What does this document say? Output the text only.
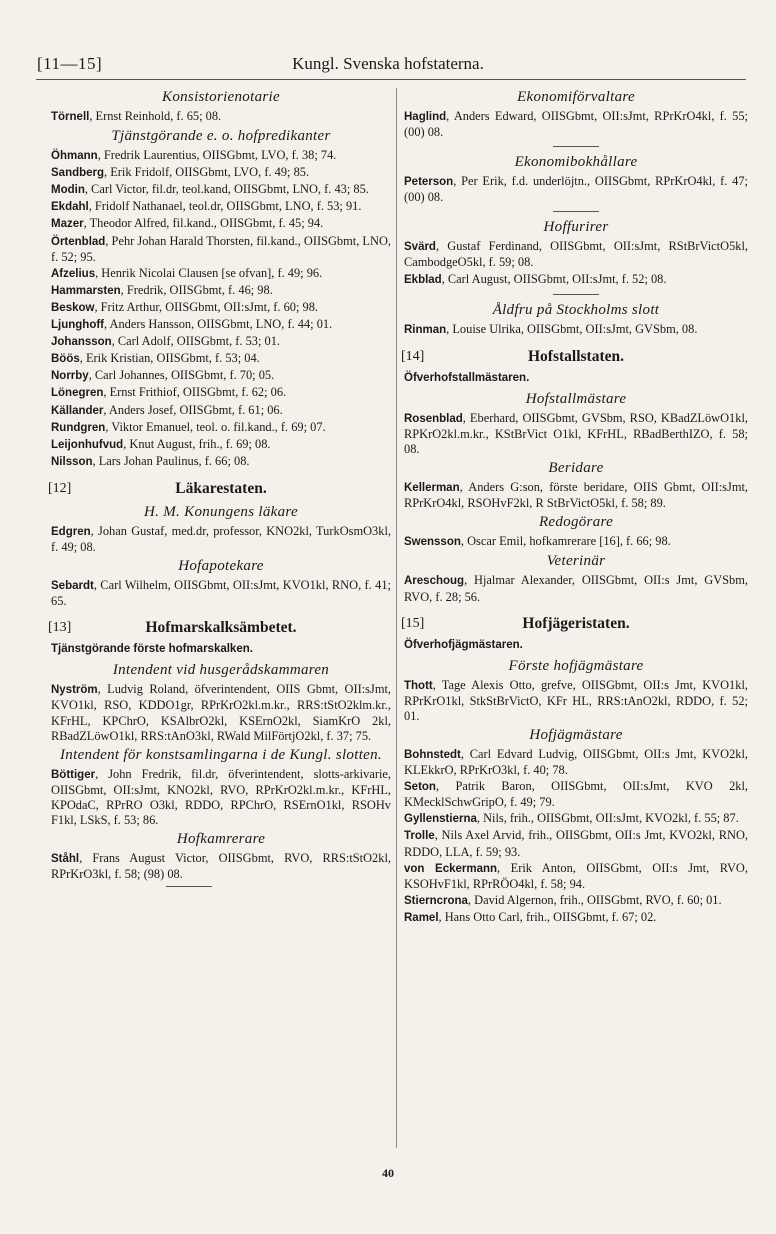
[11—15]	Kungl. Svenska hofstaterna.
Konsistorienotarie
Törnell, Ernst Reinhold, f. 65; 08.
Tjänstgörande e. o. hofpredikanter
Öhmann, Fredrik Laurentius, OIISGbmt, LVO, f. 38; 74.
Sandberg, Erik Fridolf, OIISGbmt, LVO, f. 49; 85.
Modin, Carl Victor, fil.dr, teol.kand, OIISGbmt, LNO, f. 43; 85.
Ekdahl, Fridolf Nathanael, teol.dr, OIISGbmt, LNO, f. 53; 91.
Mazer, Theodor Alfred, fil.kand., OIISGbmt, f. 45; 94.
Örtenblad, Pehr Johan Harald Thorsten, fil.kand., OIISGbmt, LNO, f. 52; 95.
Afzelius, Henrik Nicolai Clausen [se ofvan], f. 49; 96.
Hammarsten, Fredrik, OIISGbmt, f. 46; 98.
Beskow, Fritz Arthur, OIISGbmt, OII:sJmt, f. 60; 98.
Ljunghoff, Anders Hansson, OIISGbmt, LNO, f. 44; 01.
Johansson, Carl Adolf, OIISGbmt, f. 53; 01.
Böös, Erik Kristian, OIISGbmt, f. 53; 04.
Norrby, Carl Johannes, OIISGbmt, f. 70; 05.
Lönegren, Ernst Frithiof, OIISGbmt, f. 62; 06.
Källander, Anders Josef, OIISGbmt, f. 61; 06.
Rundgren, Viktor Emanuel, teol. o. fil.kand., f. 69; 07.
Leijonhufvud, Knut August, frih., f. 69; 08.
Nilsson, Lars Johan Paulinus, f. 66; 08.
[12]	Läkarestaten.
H. M. Konungens läkare
Edgren, Johan Gustaf, med.dr, professor, KNO2kl, TurkOsmO3kl, f. 49; 08.
Hofapotekare
Sebardt, Carl Wilhelm, OIISGbmt, OII:sJmt, KVO1kl, RNO, f. 41; 65.
[13]	Hofmarskalksämbetet.
Tjänstgörande förste hofmarskalken.
Intendent vid husgerådskammaren
Nyström, Ludvig Roland, öfverintendent, OIIS Gbmt, OII:sJmt, KVO1kl, RSO, KDDO1gr, RPrKrO2kl.m.kr., RRS:tStO2klm.kr., KFrHL, KPChrO, KSAlbrO2kl, KSErnO2kl, SiamKrO 2kl, RBadZLöwO1kl, RRS:tAnO3kl, RWald MilFörtjO2kl, f. 37; 75.
Intendent för konstsamlingarna i de Kungl. slotten.
Böttiger, John Fredrik, fil.dr, öfverintendent, slotts-arkivarie, OIISGbmt, OII:sJmt, KNO2kl, RVO, RPrKrO2kl.m.kr., KFrHL, KPOdaC, RPrRO O3kl, RDDO, RPChrO, RSErnO1kl, RSOHv F1kl, LSkS, f. 53; 86.
Hofkamrerare
Ståhl, Frans August Victor, OIISGbmt, RVO, RRS:tStO2kl, RPrKrO3kl, f. 58; (98) 08.
Ekonomiförvaltare
Haglind, Anders Edward, OIISGbmt, OII:sJmt, RPrKrO4kl, f. 55; (00) 08.
Ekonomibokhållare
Peterson, Per Erik, f.d. underlöjtn., OIISGbmt, RPrKrO4kl, f. 47; (00) 08.
Hoffurirer
Svärd, Gustaf Ferdinand, OIISGbmt, OII:sJmt, RStBrVictO5kl, CambodgeO5kl, f. 59; 08.
Ekblad, Carl August, OIISGbmt, OII:sJmt, f. 52; 08.
Åldfru på Stockholms slott
Rinman, Louise Ulrika, OIISGbmt, OII:sJmt, GVSbm, 08.
[14]	Hofstallstaten.
Öfverhofstallmästaren.
Hofstallmästare
Rosenblad, Eberhard, OIISGbmt, GVSbm, RSO, KBadZLöwO1kl, RPKrO2kl.m.kr., KStBrVict O1kl, KFrHL, RBadBerthIZO, f. 58; 08.
Beridare
Kellerman, Anders G:son, förste beridare, OIIS Gbmt, OII:sJmt, RPrKrO4kl, RSOHvF2kl, R StBrVictO5kl, f. 58; 89.
Redogörare
Swensson, Oscar Emil, hofkamrerare [16], f. 66; 98.
Veterinär
Areschoug, Hjalmar Alexander, OIISGbmt, OII:s Jmt, GVSbm, RVO, f. 28; 56.
[15]	Hofjägeristaten.
Öfverhofjägmästaren.
Förste hofjägmästare
Thott, Tage Alexis Otto, grefve, OIISGbmt, OII:s Jmt, KVO1kl, RPrKrO1kl, StkStBrVictO, KFr HL, RRS:tAnO2kl, RDDO, f. 52; 01.
Hofjägmästare
Bohnstedt, Carl Edvard Ludvig, OIISGbmt, OII:s Jmt, KVO2kl, KLEkkrO, RPrKrO3kl, f. 40; 78.
Seton, Patrik Baron, OIISGbmt, OII:sJmt, KVO 2kl, KMecklSchwGripO, f. 49; 79.
Gyllenstierna, Nils, frih., OIISGbmt, OII:sJmt, KVO2kl, f. 55; 87.
Trolle, Nils Axel Arvid, frih., OIISGbmt, OII:s Jmt, KVO2kl, RNO, RDDO, LLA, f. 59; 93.
von Eckermann, Erik Anton, OIISGbmt, OII:s Jmt, RVO, KSOHvF1kl, RPrRÖO4kl, f. 58; 94.
Stierncrona, David Algernon, frih., OIISGbmt, RVO, f. 60; 01.
Ramel, Hans Otto Carl, frih., OIISGbmt, f. 67; 02.
40
